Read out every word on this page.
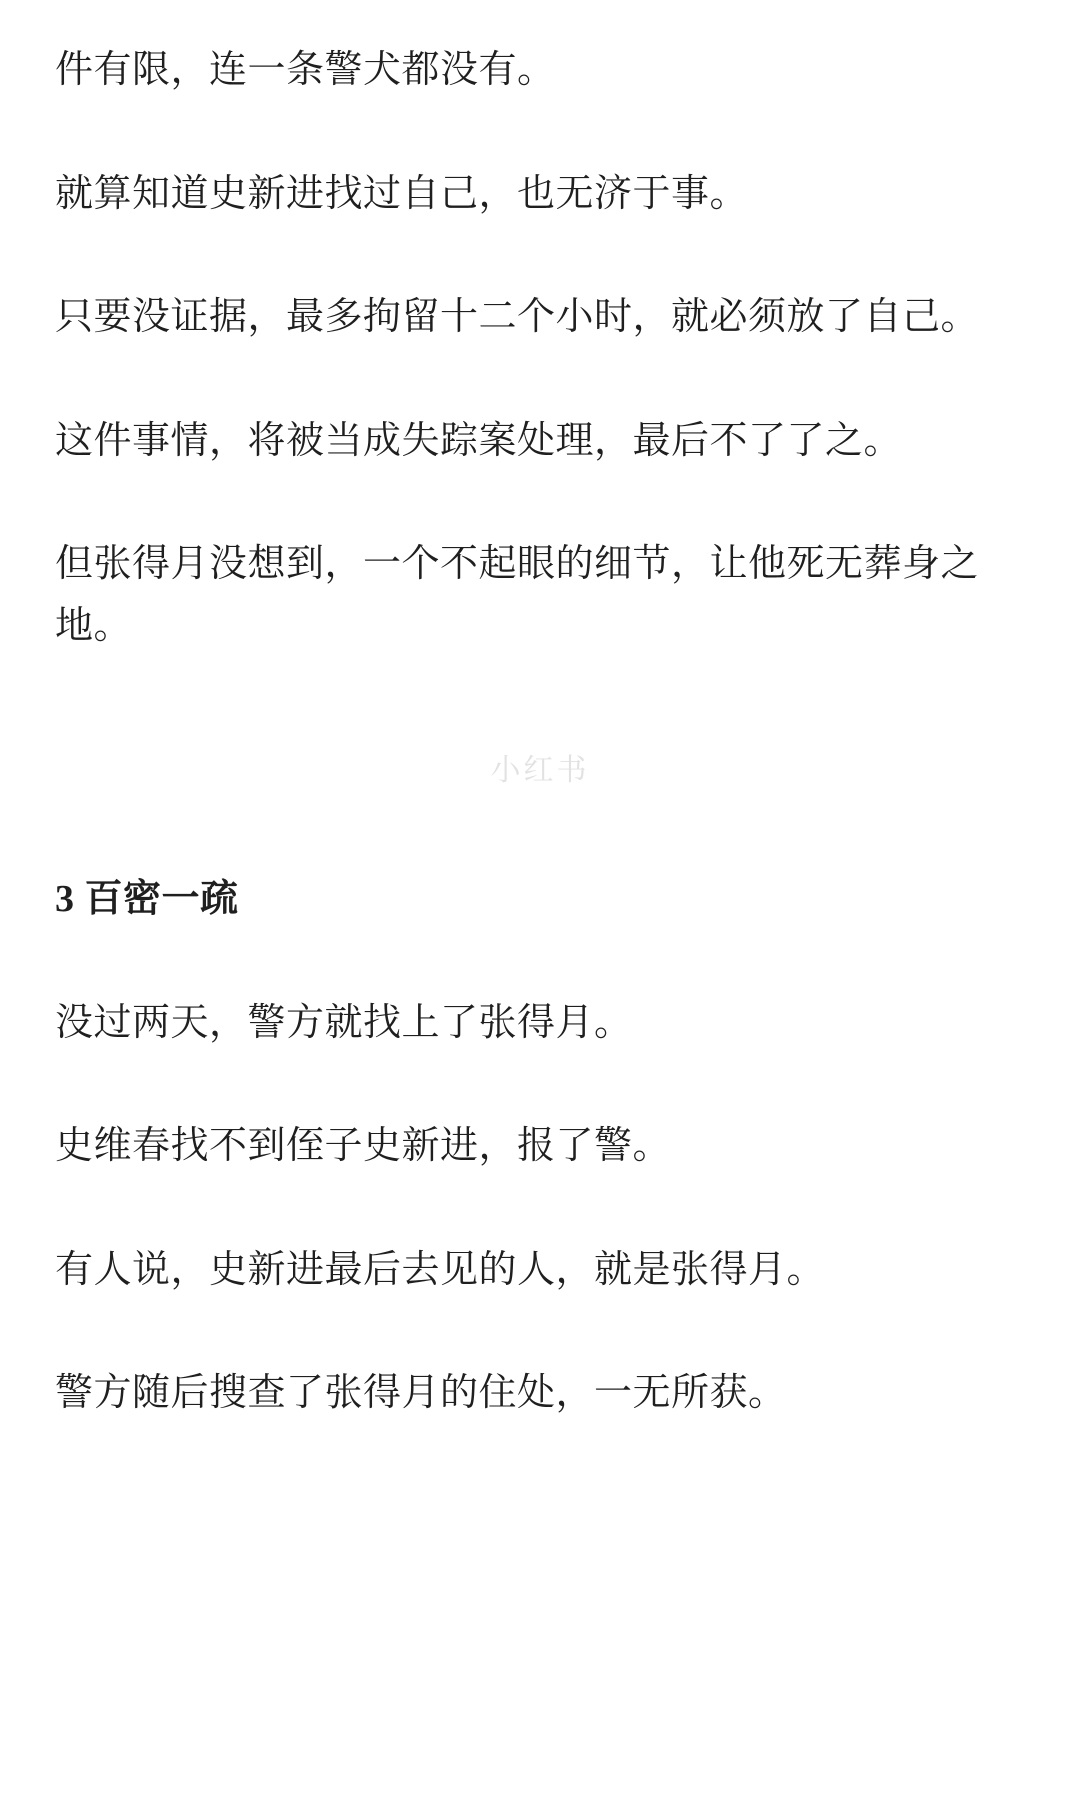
件有限，连一条警犬都没有。

就算知道史新进找过自己，也无济于事。

只要没证据，最多拘留十二个小时，就必须放了自己。

这件事情，将被当成失踪案处理，最后不了了之。

但张得月没想到，一个不起眼的细节，让他死无葬身之地。

3 百密一疏

没过两天，警方就找上了张得月。

史维春找不到侄子史新进，报了警。

有人说，史新进最后去见的人，就是张得月。

警方随后搜查了张得月的住处，一无所获。

小红书
